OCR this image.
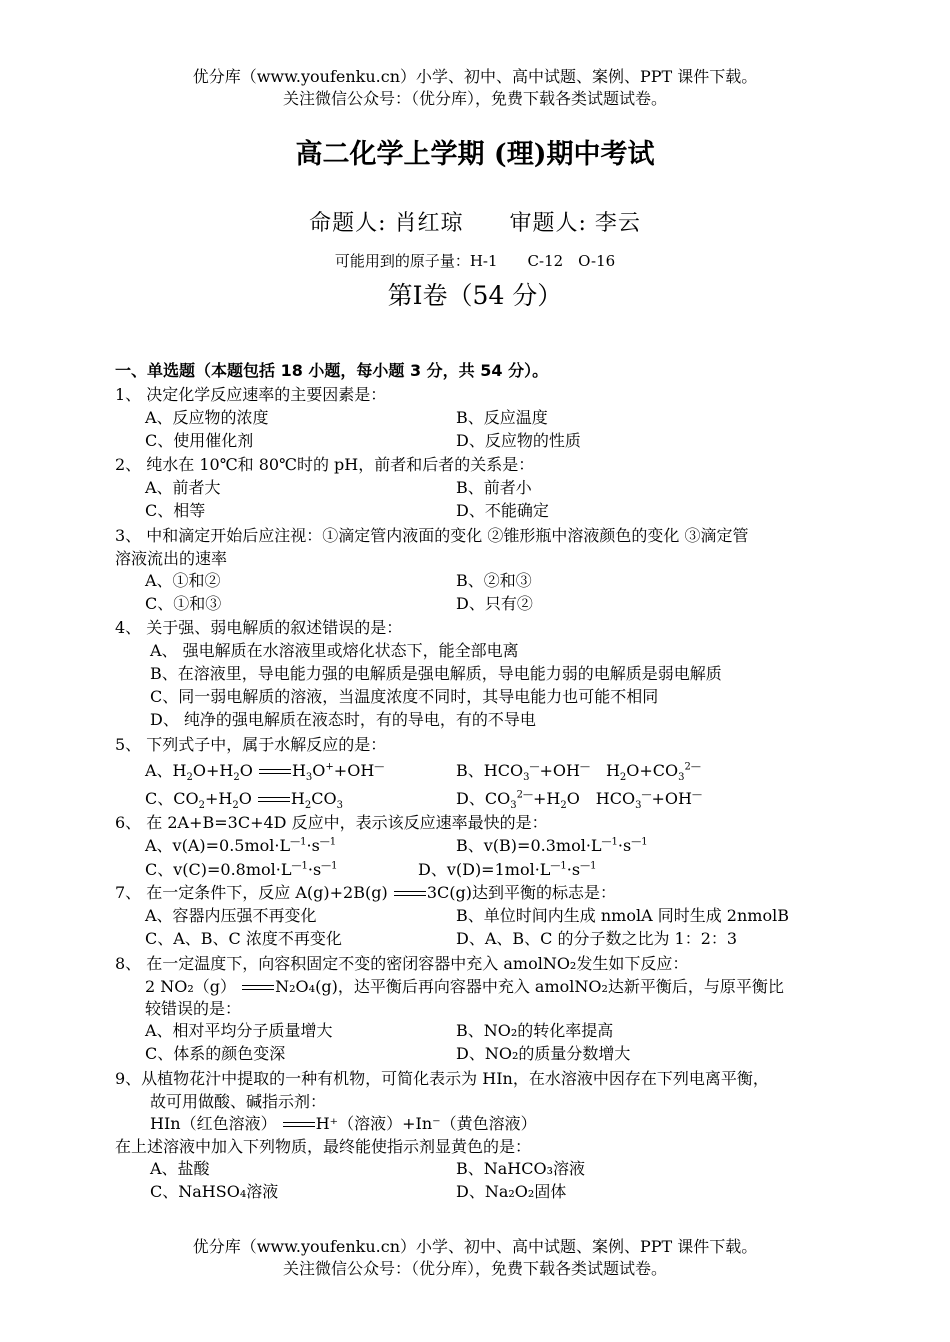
优分库（www.youfenku.cn）小学、初中、高中试题、案例、PPT 课件下载。
关注微信公众号：（优分库），免费下载各类试题试卷。
高二化学上学期 (理)期中考试
命题人: 肖红琼　　审题人: 李云
可能用到的原子量：H-1　　C-12　O-16
第Ⅰ卷（54 分）
一、单选题（本题包括 18 小题，每小题 3 分，共 54 分）。
1、 决定化学反应速率的主要因素是：
A、反应物的浓度	B、反应温度
C、使用催化剂	D、反应物的性质
2、 纯水在 10℃和 80℃时的 pH，前者和后者的关系是：
A、前者大	B、前者小
C、相等	D、不能确定
3、 中和滴定开始后应注视：①滴定管内液面的变化 ②锥形瓶中溶液颜色的变化 ③滴定管
溶液流出的速率
A、①和②	B、②和③
C、①和③	D、只有②
4、 关于强、弱电解质的叙述错误的是：
A、 强电解质在水溶液里或熔化状态下，能全部电离
B、在溶液里，导电能力强的电解质是强电解质，导电能力弱的电解质是弱电解质
C、同一弱电解质的溶液，当温度浓度不同时，其导电能力也可能不相同
D、 纯净的强电解质在液态时，有的导电，有的不导电
5、 下列式子中，属于水解反应的是：
A、$H_2O+H_2O$ $H_3O^++OH^—$	B、$HCO_3^—+OH^—$　$H_2O+CO_3^{2—}$
C、$CO_2+H_2O$ $H_2CO_3$	D、$CO_3^{2—}+H_2O$　$HCO_3^—+OH^—$
6、 在 2A+B=3C+4D 反应中，表示该反应速率最快的是：
A、$v(A)=0.5mol\cdot L^{—1}\cdot s^{—1}$	B、$v(B)=0.3mol\cdot L^{—1}\cdot s^{—1}$
C、$v(C)=0.8mol\cdot L^{—1}\cdot s^{—1}$	D、$v(D)=1mol\cdot L^{—1}\cdot s^{—1}$
7、 在一定条件下，反应 A(g)+2B(g) 3C(g)达到平衡的标志是：
A、容器内压强不再变化	B、单位时间内生成 nmolA 同时生成 2nmolB
C、A、B、C 浓度不再变化	D、A、B、C 的分子数之比为 1：2：3
8、 在一定温度下，向容积固定不变的密闭容器中充入 amolNO₂发生如下反应：
2 NO₂（g） N₂O₄(g)，达平衡后再向容器中充入 amolNO₂达新平衡后，与原平衡比
较错误的是：
A、相对平均分子质量增大	B、NO₂的转化率提高
C、体系的颜色变深	D、NO₂的质量分数增大
9、从植物花汁中提取的一种有机物，可简化表示为 HIn，在水溶液中因存在下列电离平衡，
故可用做酸、碱指示剂：
HIn（红色溶液） H⁺（溶液）+In⁻（黄色溶液）
在上述溶液中加入下列物质，最终能使指示剂显黄色的是：
A、盐酸	B、NaHCO₃溶液
C、NaHSO₄溶液	D、Na₂O₂固体
优分库（www.youfenku.cn）小学、初中、高中试题、案例、PPT 课件下载。
关注微信公众号：（优分库），免费下载各类试题试卷。
